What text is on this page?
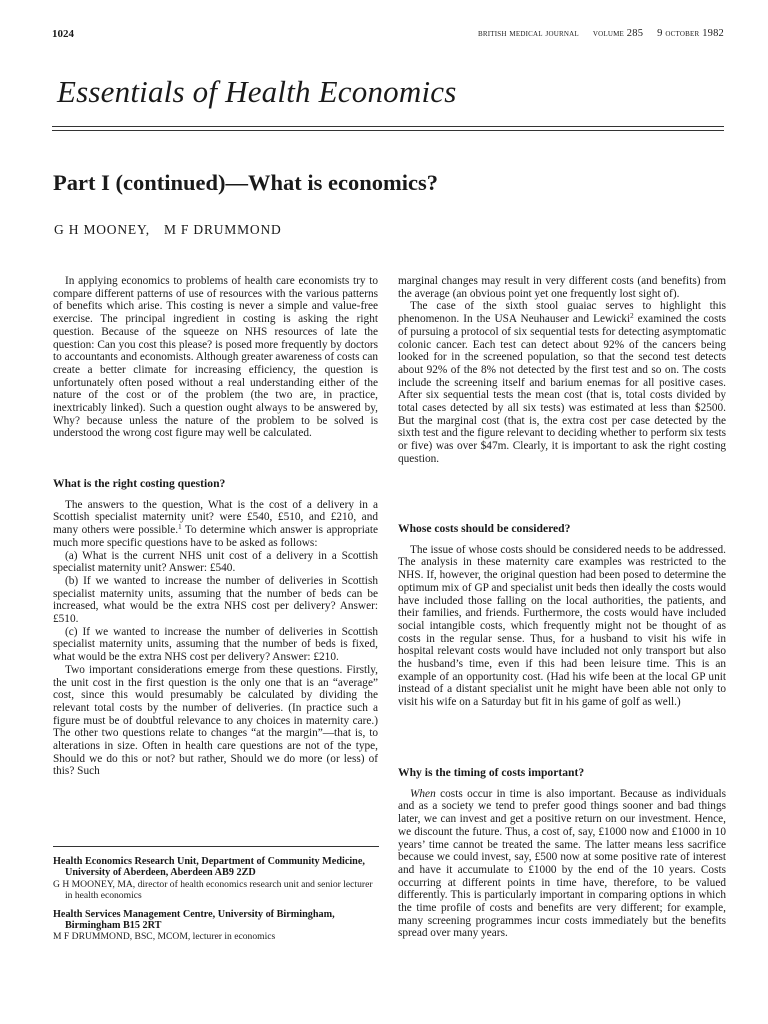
1024	british medical journal volume 285 9 october 1982
Essentials of Health Economics
Part I (continued)—What is economics?
G H MOONEY, M F DRUMMOND

In applying economics to problems of health care economists try to compare different patterns of use of resources with the various patterns of benefits which arise. This costing is never a simple and value-free exercise. The principal ingredient in costing is asking the right question. Because of the squeeze on NHS resources of late the question: Can you cost this please? is posed more frequently by doctors to accountants and economists. Although greater awareness of costs can create a better climate for increasing efficiency, the question is unfortunately often posed without a real understanding either of the nature of the cost or of the problem (the two are, in practice, inextricably linked). Such a question ought always to be answered by, Why? because unless the nature of the problem to be solved is understood the wrong cost figure may well be calculated.

What is the right costing question?

The answers to the question, What is the cost of a delivery in a Scottish specialist maternity unit? were £540, £510, and £210, and many others were possible.$^1$ To determine which answer is appropriate much more specific questions have to be asked as follows:

(a) What is the current NHS unit cost of a delivery in a Scottish specialist maternity unit? Answer: £540.

(b) If we wanted to increase the number of deliveries in Scottish specialist maternity units, assuming that the number of beds can be increased, what would be the extra NHS cost per delivery? Answer: £510.

(c) If we wanted to increase the number of deliveries in Scottish specialist maternity units, assuming that the number of beds is fixed, what would be the extra NHS cost per delivery? Answer: £210.

Two important considerations emerge from these questions. Firstly, the unit cost in the first question is the only one that is an “average” cost, since this would presumably be calculated by dividing the relevant total costs by the number of deliveries. (In practice such a figure must be of doubtful relevance to any choices in maternity care.) The other two questions relate to changes “at the margin”—that is, to alterations in size. Often in health care questions are not of the type, Should we do this or not? but rather, Should we do more (or less) of this? Such

Health Economics Research Unit, Department of Community Medicine, University of Aberdeen, Aberdeen AB9 2ZD

G H MOONEY, MA, director of health economics research unit and senior lecturer in health economics

Health Services Management Centre, University of Birmingham, Birmingham B15 2RT

M F DRUMMOND, BSC, MCOM, lecturer in economics

marginal changes may result in very different costs (and benefits) from the average (an obvious point yet one frequently lost sight of).

The case of the sixth stool guaiac serves to highlight this phenomenon. In the USA Neuhauser and Lewicki$^2$ examined the costs of pursuing a protocol of six sequential tests for detecting asymptomatic colonic cancer. Each test can detect about 92% of the cancers being looked for in the screened population, so that the second test detects about 92% of the 8% not detected by the first test and so on. The costs include the screening itself and barium enemas for all positive cases. After six sequential tests the mean cost (that is, total costs divided by total cases detected by all six tests) was estimated at less than $2500. But the marginal cost (that is, the extra cost per case detected by the sixth test and the figure relevant to deciding whether to perform six tests or five) was over $47m. Clearly, it is important to ask the right costing question.

Whose costs should be considered?

The issue of whose costs should be considered needs to be addressed. The analysis in these maternity care examples was restricted to the NHS. If, however, the original question had been posed to determine the optimum mix of GP and specialist unit beds then ideally the costs would have included those falling on the local authorities, the patients, and their families, and friends. Furthermore, the costs would have included social intangible costs, which frequently might not be thought of as costs in the regular sense. Thus, for a husband to visit his wife in hospital relevant costs would have included not only transport but also the husband’s time, even if this had been leisure time. This is an example of an opportunity cost. (Had his wife been at the local GP unit instead of a distant specialist unit he might have been able not only to visit his wife on a Saturday but fit in his game of golf as well.)

Why is the timing of costs important?

When costs occur in time is also important. Because as individuals and as a society we tend to prefer good things sooner and bad things later, we can invest and get a positive return on our investment. Hence, we discount the future. Thus, a cost of, say, £1000 now and £1000 in 10 years’ time cannot be treated the same. The latter means less sacrifice because we could invest, say, £500 now at some positive rate of interest and have it accumulate to £1000 by the end of the 10 years. Costs occurring at different points in time have, therefore, to be valued differently. This is particularly important in comparing options in which the time profile of costs and benefits are very different; for example, many screening programmes incur costs immediately but the benefits spread over many years.
